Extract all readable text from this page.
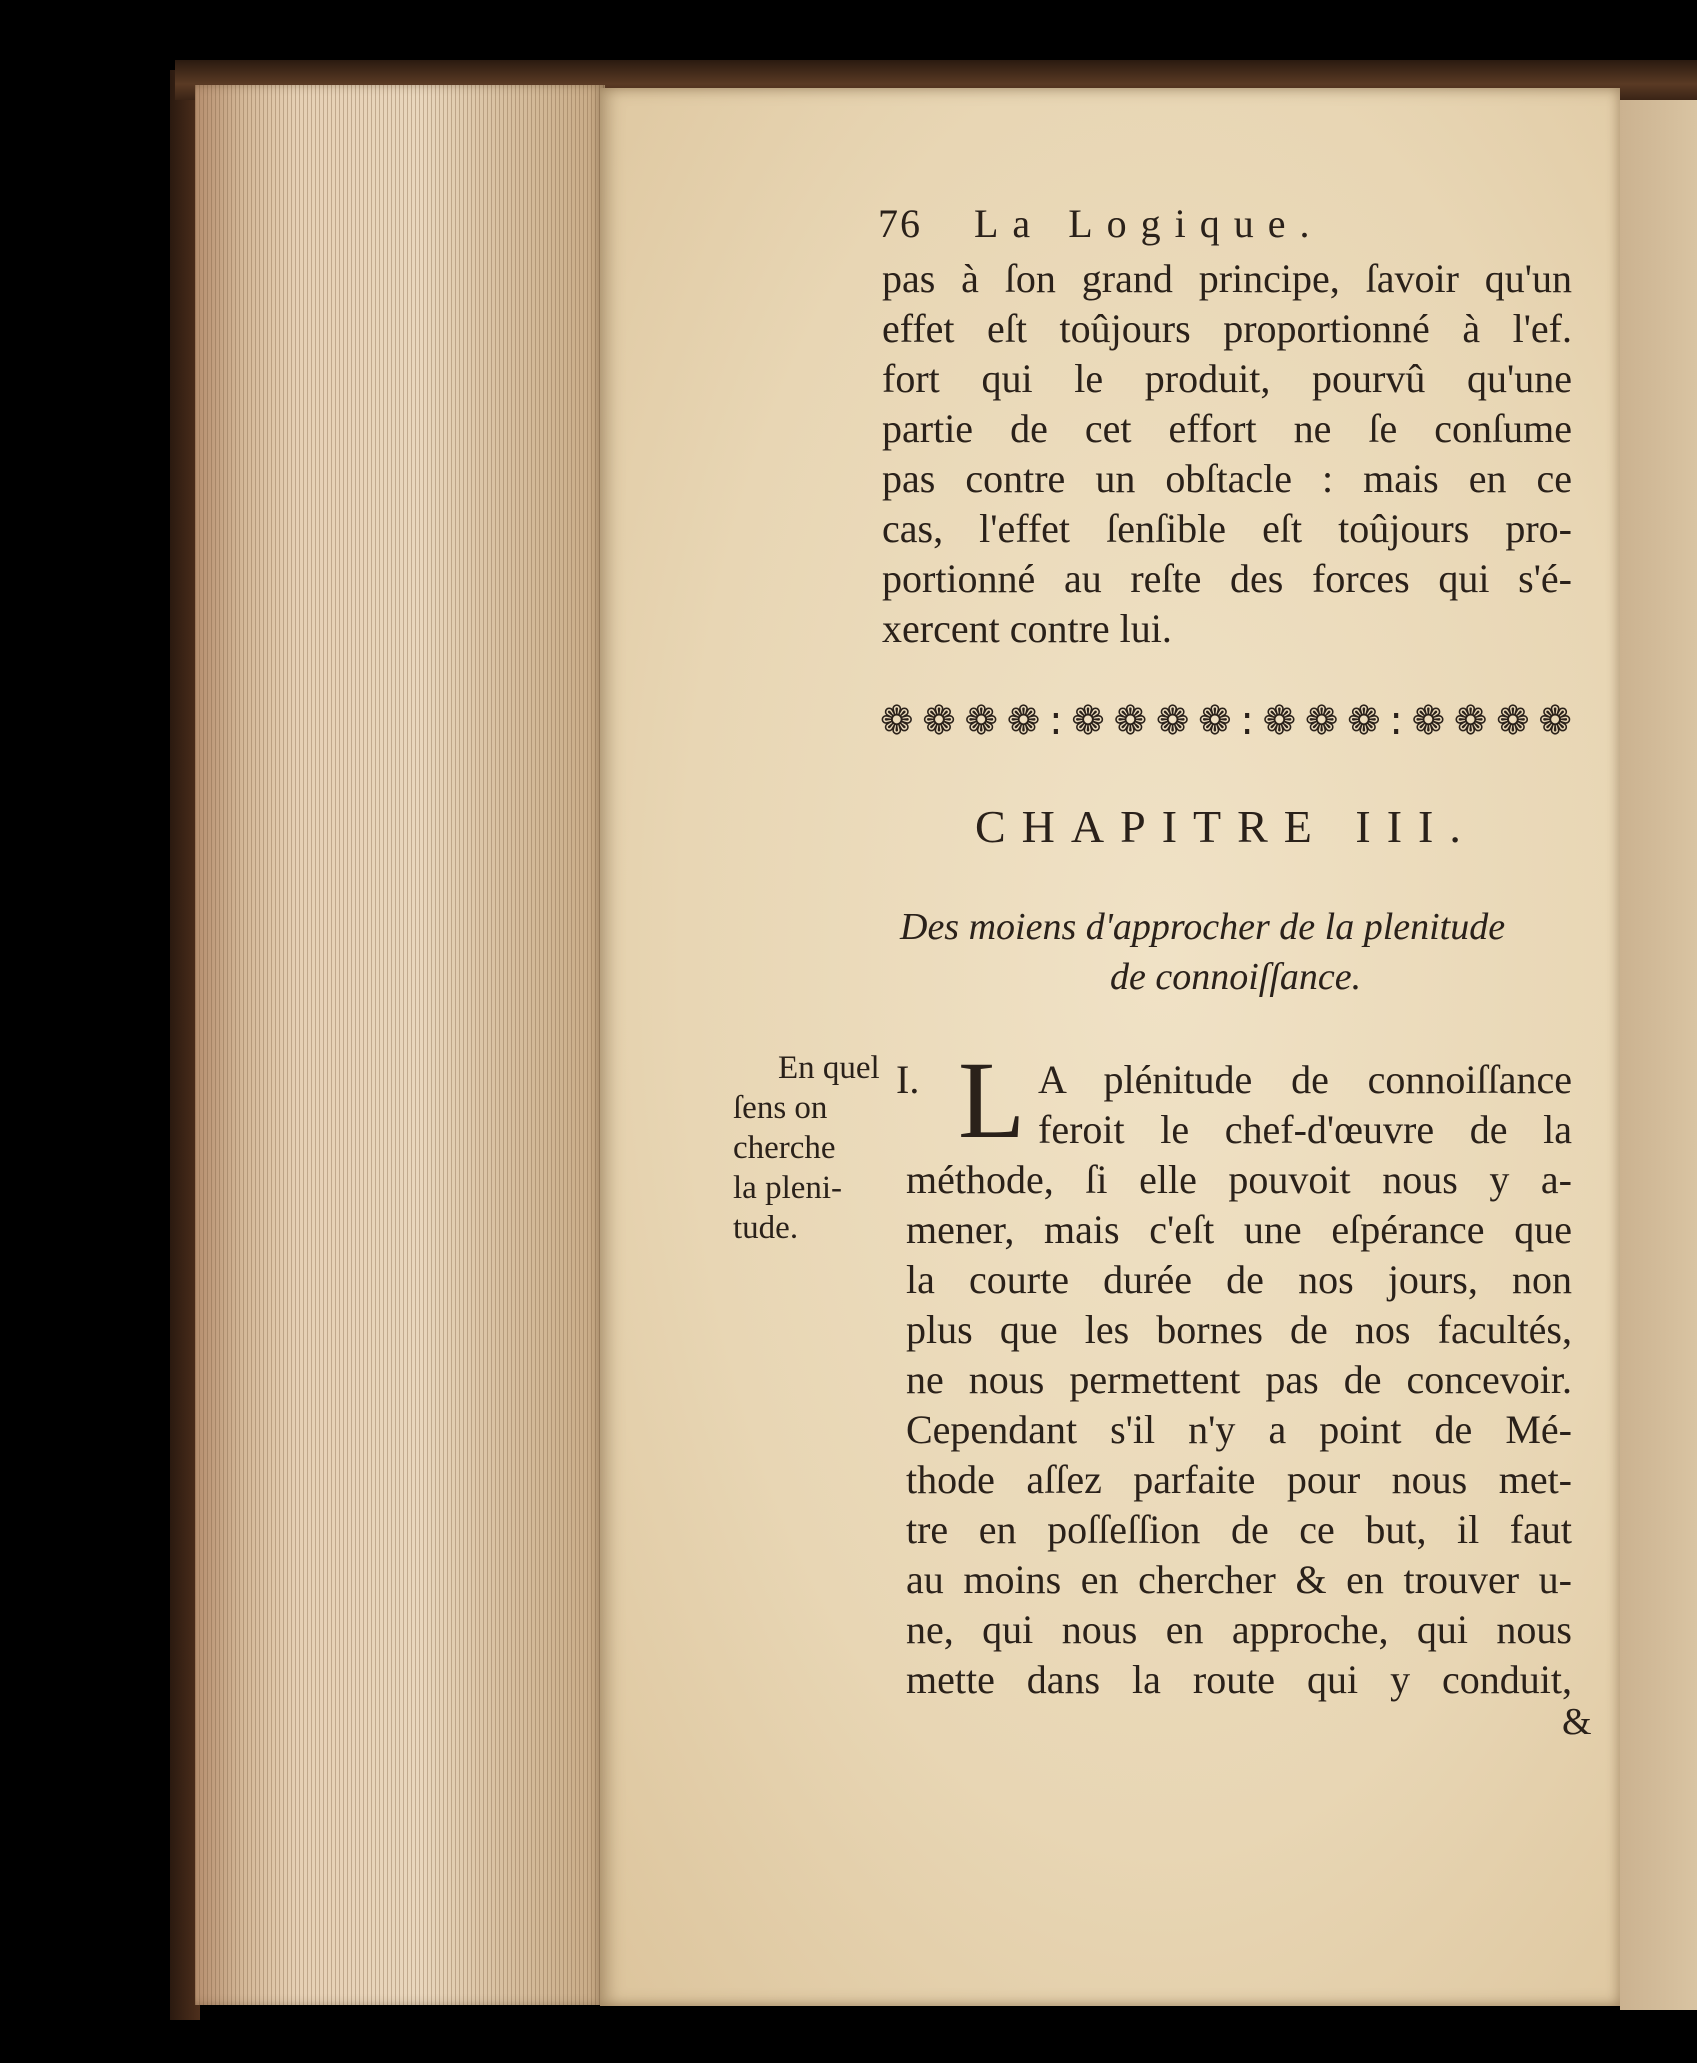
76 La Logique.
pas à ſon grand principe, ſavoir qu'un
effet eſt toûjours proportionné à l'ef.
fort qui le produit, pourvû qu'une
partie de cet effort ne ſe conſume
pas contre un obſtacle : mais en ce
cas, l'effet ſenſible eſt toûjours pro-
portionné au reſte des forces qui s'é-
xercent contre lui.
❁ ❁ ❁ ❁ : ❁ ❁ ❁ ❁ : ❁ ❁ ❁ : ❁ ❁ ❁ ❁
CHAPITRE III.
Des moiens d'approcher de la plenitude
de connoiſſance.
En quel
ſens on
cherche
la pleni-
tude.
I. L A plénitude de connoiſſance
feroit le chef-d'œuvre de la
méthode, ſi elle pouvoit nous y a-
mener, mais c'eſt une eſpérance que
la courte durée de nos jours, non
plus que les bornes de nos facultés,
ne nous permettent pas de concevoir.
Cependant s'il n'y a point de Mé-
thode aſſez parfaite pour nous met-
tre en poſſeſſion de ce but, il faut
au moins en chercher & en trouver u-
ne, qui nous en approche, qui nous
mette dans la route qui y conduit,
&
